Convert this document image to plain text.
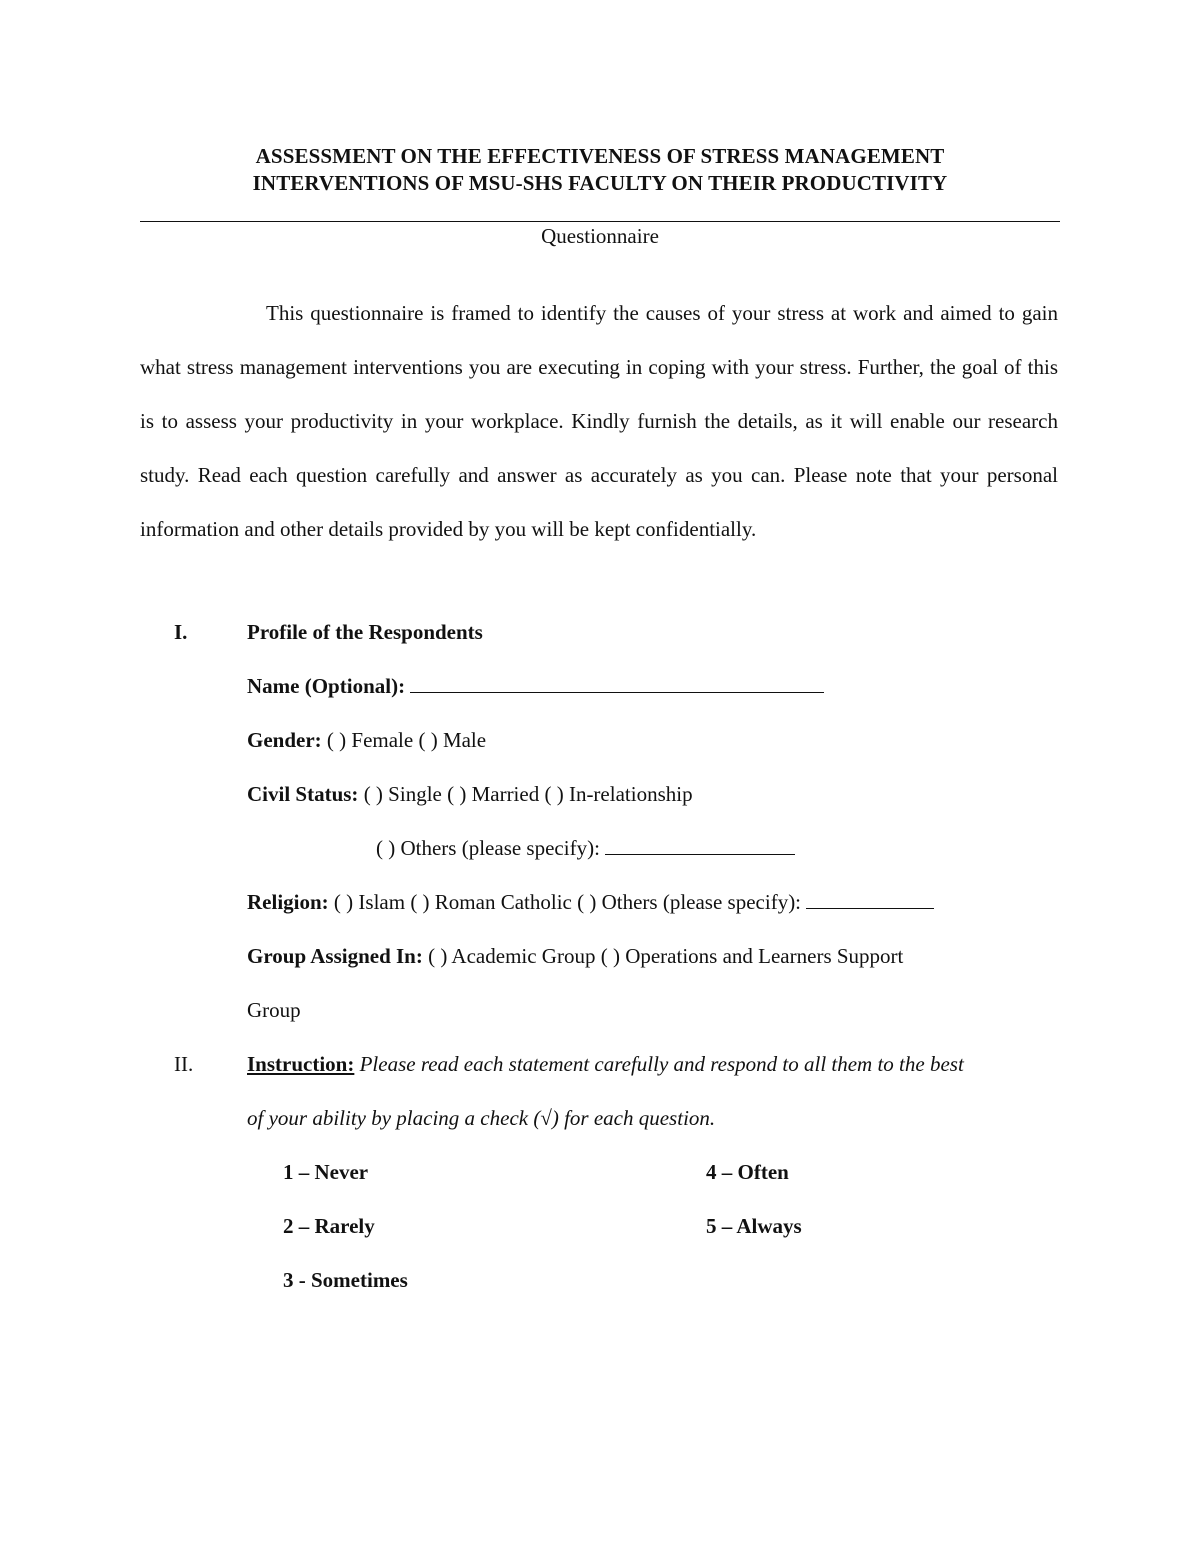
ASSESSMENT ON THE EFFECTIVENESS OF STRESS MANAGEMENT
INTERVENTIONS OF MSU-SHS FACULTY ON THEIR PRODUCTIVITY
Questionnaire

This questionnaire is framed to identify the causes of your stress at work and aimed to gain what stress management interventions you are executing in coping with your stress. Further, the goal of this is to assess your productivity in your workplace. Kindly furnish the details, as it will enable our research study. Read each question carefully and answer as accurately as you can. Please note that your personal information and other details provided by you will be kept confidentially.

I.	Profile of the Respondents
Name (Optional):
Gender: ( ) Female ( ) Male
Civil Status: ( ) Single ( ) Married ( ) In-relationship
( ) Others (please specify):
Religion: ( ) Islam ( ) Roman Catholic ( ) Others (please specify):
Group Assigned In: ( ) Academic Group ( ) Operations and Learners Support
Group
II.	Instruction: Please read each statement carefully and respond to all them to the best
of your ability by placing a check (√) for each question.
1 – Never
2 – Rarely
3 - Sometimes
4 – Often
5 – Always
